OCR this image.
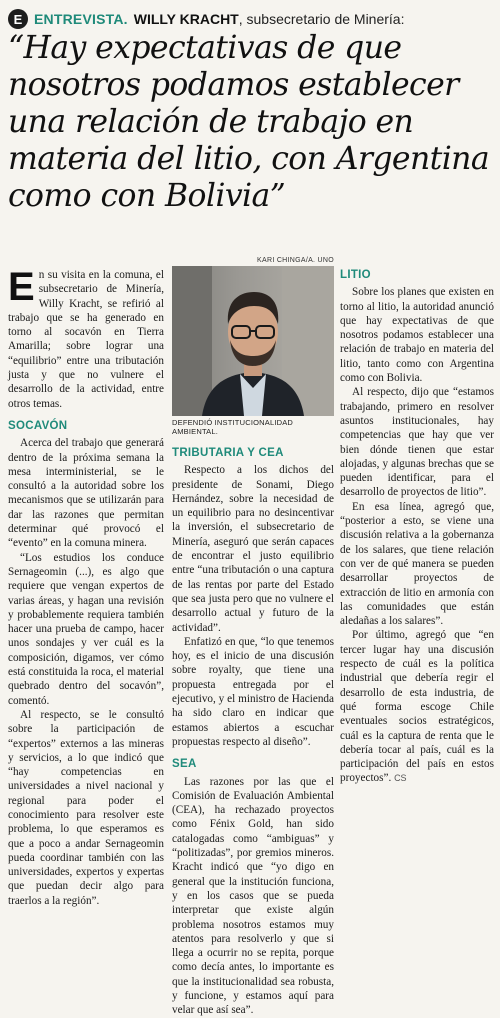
E ENTREVISTA. WILLY KRACHT, subsecretario de Minería:
“Hay expectativas de que nosotros podamos establecer una relación de trabajo en materia del litio, con Argentina como con Bolivia”

En su visita en la comuna, el subsecretario de Minería, Willy Kracht, se refirió al trabajo que se ha generado en torno al socavón en Tierra Amarilla; sobre lograr una “equilibrio” entre una tributación justa y que no vulnere el desarrollo de la actividad, entre otros temas.

SOCAVÓN

Acerca del trabajo que generará dentro de la próxima semana la mesa interministerial, se le consultó a la autoridad sobre los mecanismos que se utilizarán para dar las razones que permitan determinar qué provocó el “evento” en la comuna minera.

“Los estudios los conduce Sernageomin (...), es algo que requiere que vengan expertos de varias áreas, y hagan una revisión y probablemente requiera también hacer una prueba de campo, hacer unos sondajes y ver cuál es la composición, digamos, ver cómo está constituida la roca, el material quebrado dentro del socavón”, comentó.

Al respecto, se le consultó sobre la participación de “expertos” externos a las mineras y servicios, a lo que indicó que “hay competencias en universidades a nivel nacional y regional para poder el conocimiento para resolver este problema, lo que esperamos es que a poco a andar Sernageomin pueda coordinar también con las universidades, expertos y expertas que puedan decir algo para traerlos a la región”.

KARI CHINGA/A. UNO
DEFENDIÓ INSTITUCIONALIDAD AMBIENTAL.
TRIBUTARIA Y CEA

Respecto a los dichos del presidente de Sonami, Diego Hernández, sobre la necesidad de un equilibrio para no desincentivar la inversión, el subsecretario de Minería, aseguró que serán capaces de encontrar el justo equilibrio entre “una tributación o una captura de las rentas por parte del Estado que sea justa pero que no vulnere el desarrollo actual y futuro de la actividad”.

Enfatizó en que, “lo que tenemos hoy, es el inicio de una discusión sobre royalty, que tiene una propuesta entregada por el ejecutivo, y el ministro de Hacienda ha sido claro en indicar que estamos abiertos a escuchar propuestas respecto al diseño”.

SEA

Las razones por las que el Comisión de Evaluación Ambiental (CEA), ha rechazado proyectos como Fénix Gold, han sido catalogadas como “ambiguas” y “politizadas”, por gremios mineros. Kracht indicó que “yo digo en general que la institución funciona, y en los casos que se pueda interpretar que existe algún problema nosotros estamos muy atentos para resolverlo y que si llega a ocurrir no se repita, porque como decía antes, lo importante es que la institucionalidad sea robusta, y funcione, y estamos aquí para velar que así sea”.

LITIO

Sobre los planes que existen en torno al litio, la autoridad anunció que hay expectativas de que nosotros podamos establecer una relación de trabajo en materia del litio, tanto como con Argentina como con Bolivia.

Al respecto, dijo que “estamos trabajando, primero en resolver asuntos institucionales, hay competencias que hay que ver bien dónde tienen que estar alojadas, y algunas brechas que se pueden identificar, para el desarrollo de proyectos de litio”.

En esa línea, agregó que, “posterior a esto, se viene una discusión relativa a la gobernanza de los salares, que tiene relación con ver de qué manera se pueden desarrollar proyectos de extracción de litio en armonía con las comunidades que están aledañas a los salares”.

Por último, agregó que “en tercer lugar hay una discusión respecto de cuál es la política industrial que debería regir el desarrollo de esta industria, de qué forma escoge Chile eventuales socios estratégicos, cuál es la captura de renta que le debería tocar al país, cuál es la participación del país en estos proyectos”. CS
